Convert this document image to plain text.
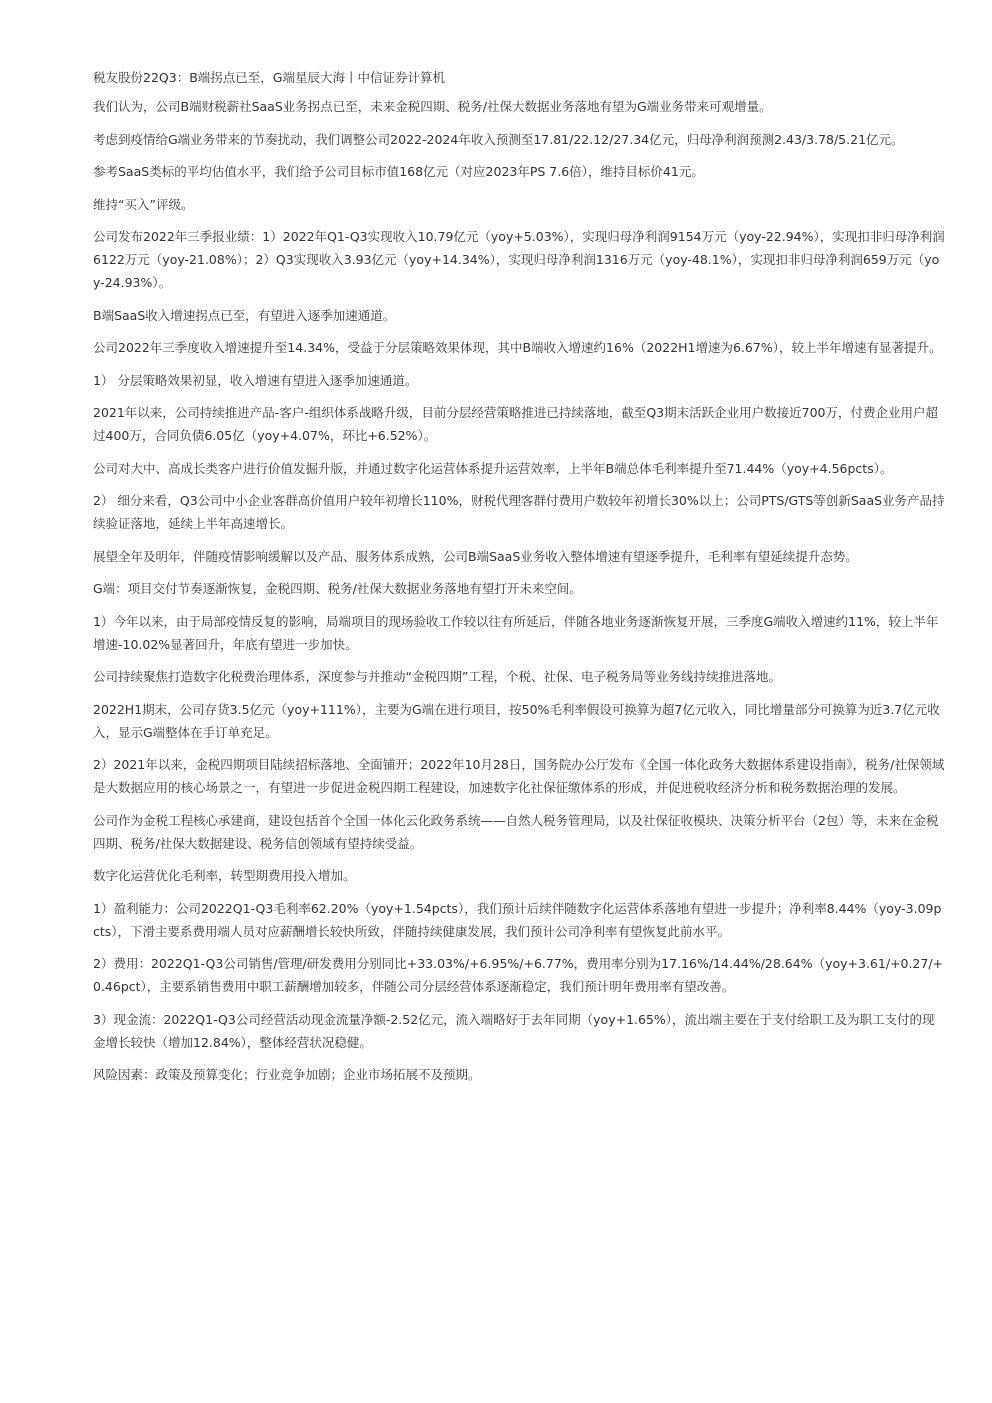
税友股份22Q3：B端拐点已至，G端星辰大海丨中信证券计算机

我们认为，公司B端财税薪社SaaS业务拐点已至，未来金税四期、税务/社保大数据业务落地有望为G端业务带来可观增量。

考虑到疫情给G端业务带来的节奏扰动，我们调整公司2022-2024年收入预测至17.81/22.12/27.34亿元，归母净利润预测2.43/3.78/5.21亿元。

参考SaaS类标的平均估值水平，我们给予公司目标市值168亿元（对应2023年PS 7.6倍），维持目标价41元。

维持“买入”评级。

公司发布2022年三季报业绩：1）2022年Q1-Q3实现收入10.79亿元（yoy+5.03%），实现归母净利润9154万元（yoy-22.94%），实现扣非归母净利润6122万元（yoy-21.08%）；2）Q3实现收入3.93亿元（yoy+14.34%），实现归母净利润1316万元（yoy-48.1%），实现扣非归母净利润659万元（yoy-24.93%）。

B端SaaS收入增速拐点已至，有望进入逐季加速通道。

公司2022年三季度收入增速提升至14.34%，受益于分层策略效果体现，其中B端收入增速约16%（2022H1增速为6.67%），较上半年增速有显著提升。

1） 分层策略效果初显，收入增速有望进入逐季加速通道。

2021年以来，公司持续推进产品-客户-组织体系战略升级，目前分层经营策略推进已持续落地，截至Q3期末活跃企业用户数接近700万，付费企业用户超过400万，合同负债6.05亿（yoy+4.07%，环比+6.52%）。

公司对大中、高成长类客户进行价值发掘升版，并通过数字化运营体系提升运营效率，上半年B端总体毛利率提升至71.44%（yoy+4.56pcts）。

2） 细分来看，Q3公司中小企业客群高价值用户较年初增长110%，财税代理客群付费用户数较年初增长30%以上；公司PTS/GTS等创新SaaS业务产品持续验证落地，延续上半年高速增长。

展望全年及明年，伴随疫情影响缓解以及产品、服务体系成熟，公司B端SaaS业务收入整体增速有望逐季提升，毛利率有望延续提升态势。

G端：项目交付节奏逐渐恢复，金税四期、税务/社保大数据业务落地有望打开未来空间。

1）今年以来，由于局部疫情反复的影响，局端项目的现场验收工作较以往有所延后，伴随各地业务逐渐恢复开展，三季度G端收入增速约11%，较上半年增速-10.02%显著回升，年底有望进一步加快。

公司持续聚焦打造数字化税费治理体系，深度参与并推动“金税四期”工程，个税、社保、电子税务局等业务线持续推进落地。

2022H1期末，公司存货3.5亿元（yoy+111%），主要为G端在进行项目，按50%毛利率假设可换算为超7亿元收入，同比增量部分可换算为近3.7亿元收入，显示G端整体在手订单充足。

2）2021年以来，金税四期项目陆续招标落地、全面铺开；2022年10月28日，国务院办公厅发布《全国一体化政务大数据体系建设指南》，税务/社保领域是大数据应用的核心场景之一，有望进一步促进金税四期工程建设，加速数字化社保征缴体系的形成，并促进税收经济分析和税务数据治理的发展。

公司作为金税工程核心承建商，建设包括首个全国一体化云化政务系统——自然人税务管理局，以及社保征收模块、决策分析平台（2包）等，未来在金税四期、税务/社保大数据建设、税务信创领域有望持续受益。

数字化运营优化毛利率，转型期费用投入增加。

1）盈利能力：公司2022Q1-Q3毛利率62.20%（yoy+1.54pcts），我们预计后续伴随数字化运营体系落地有望进一步提升；净利率8.44%（yoy-3.09pcts），下滑主要系费用端人员对应薪酬增长较快所致，伴随持续健康发展，我们预计公司净利率有望恢复此前水平。

2）费用：2022Q1-Q3公司销售/管理/研发费用分别同比+33.03%/+6.95%/+6.77%，费用率分别为17.16%/14.44%/28.64%（yoy+3.61/+0.27/+0.46pct），主要系销售费用中职工薪酬增加较多，伴随公司分层经营体系逐渐稳定，我们预计明年费用率有望改善。

3）现金流：2022Q1-Q3公司经营活动现金流量净额-2.52亿元，流入端略好于去年同期（yoy+1.65%），流出端主要在于支付给职工及为职工支付的现金增长较快（增加12.84%），整体经营状况稳健。

风险因素：政策及预算变化；行业竞争加剧；企业市场拓展不及预期。
